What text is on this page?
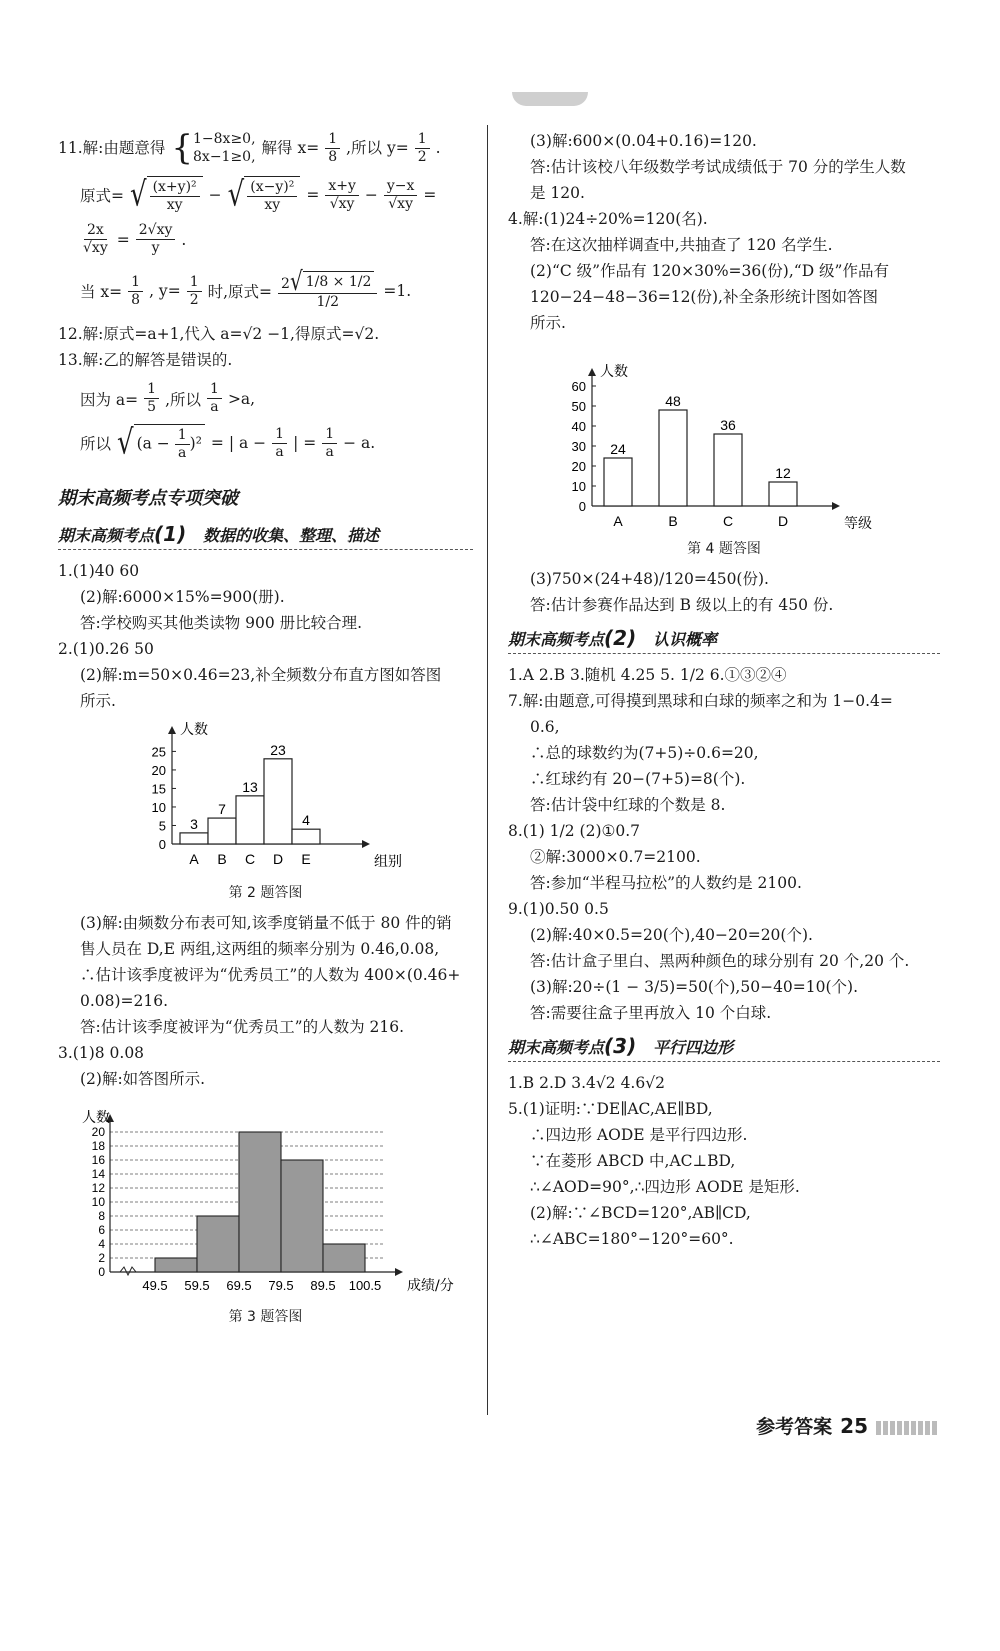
11.解:由题意得 { 1−8x≥0,
8x−1≥0, 解得 $x= \frac{1}{8}$ ,所以 $y= \frac{1}{2}$ .
原式= √ $\frac{\text{(x+y)²}}{xy}$ − √ $\frac{\text{(x−y)²}}{xy} = \frac{x+y}{√xy} - \frac{y-x}{√xy}$ =
$\frac{2x}{√xy} = \frac{2√xy}{y}$ .
当 $x= \frac{1}{8}$ , $y= \frac{1}{2}$ 时,原式= $\frac{2 √ 1/8 \times 1/2}{1/2} =1$.
12.解:原式=a+1,代入 a=√2 −1,得原式=√2.
13.解:乙的解答是错误的.
因为 $a= \frac{1}{5}$ ,所以 $\frac{1}{a} >a$,
所以 √ $(a - \frac{1}{a} )^2$ = | $a - \frac{1}{a}$ | = $\frac{1}{a} - a$.
期末高频考点专项突破
期末高频考点(1) 数据的收集、整理、描述
1.(1)40 60
(2)解:6000×15%=900(册).
答:学校购买其他类读物 900 册比较合理.
2.(1)0.26 50
(2)解:m=50×0.46=23,补全频数分布直方图如答图
所示.
0
5
10
15
20
25
人数
组别
3
A
7
B
13
C
23
D
4
E
第 2 题答图
(3)解:由频数分布表可知,该季度销量不低于 80 件的销
售人员在 D,E 两组,这两组的频率分别为 0.46,0.08,
∴估计该季度被评为“优秀员工”的人数为 400×(0.46+
0.08)=216.
答:估计该季度被评为“优秀员工”的人数为 216.
3.(1)8 0.08
(2)解:如答图所示.
0
2
4
6
8
10
12
14
16
18
20
人数
成绩/分
49.5 59.5 69.5 79.5 89.5 100.5
第 3 题答图
(3)解:600×(0.04+0.16)=120.
答:估计该校八年级数学考试成绩低于 70 分的学生人数
是 120.
4.解:(1)24÷20%=120(名).
答:在这次抽样调查中,共抽查了 120 名学生.
(2)“C 级”作品有 120×30%=36(份),“D 级”作品有
120−24−48−36=12(份),补全条形统计图如答图
所示.
0
10
20
30
40
50
60
人数
等级
24
A
48
B
36
C
12
D
第 4 题答图
(3)750×(24+48)/120=450(份).
答:估计参赛作品达到 B 级以上的有 450 份.
期末高频考点(2) 认识概率
1.A 2.B 3.随机 4.25 5. 1/2 6.①③②④
7.解:由题意,可得摸到黑球和白球的频率之和为 1−0.4=
0.6,
∴总的球数约为(7+5)÷0.6=20,
∴红球约有 20−(7+5)=8(个).
答:估计袋中红球的个数是 8.
8.(1) 1/2 (2)①0.7
②解:3000×0.7=2100.
答:参加“半程马拉松”的人数约是 2100.
9.(1)0.50 0.5
(2)解:40×0.5=20(个),40−20=20(个).
答:估计盒子里白、黑两种颜色的球分别有 20 个,20 个.
(3)解:20÷(1 − 3/5)=50(个),50−40=10(个).
答:需要往盒子里再放入 10 个白球.
期末高频考点(3) 平行四边形
1.B 2.D 3.4√2 4.6√2
5.(1)证明:∵DE∥AC,AE∥BD,
∴四边形 AODE 是平行四边形.
∵在菱形 ABCD 中,AC⊥BD,
∴∠AOD=90°,∴四边形 AODE 是矩形.
(2)解:∵∠BCD=120°,AB∥CD,
∴∠ABC=180°−120°=60°.
参考答案 25
